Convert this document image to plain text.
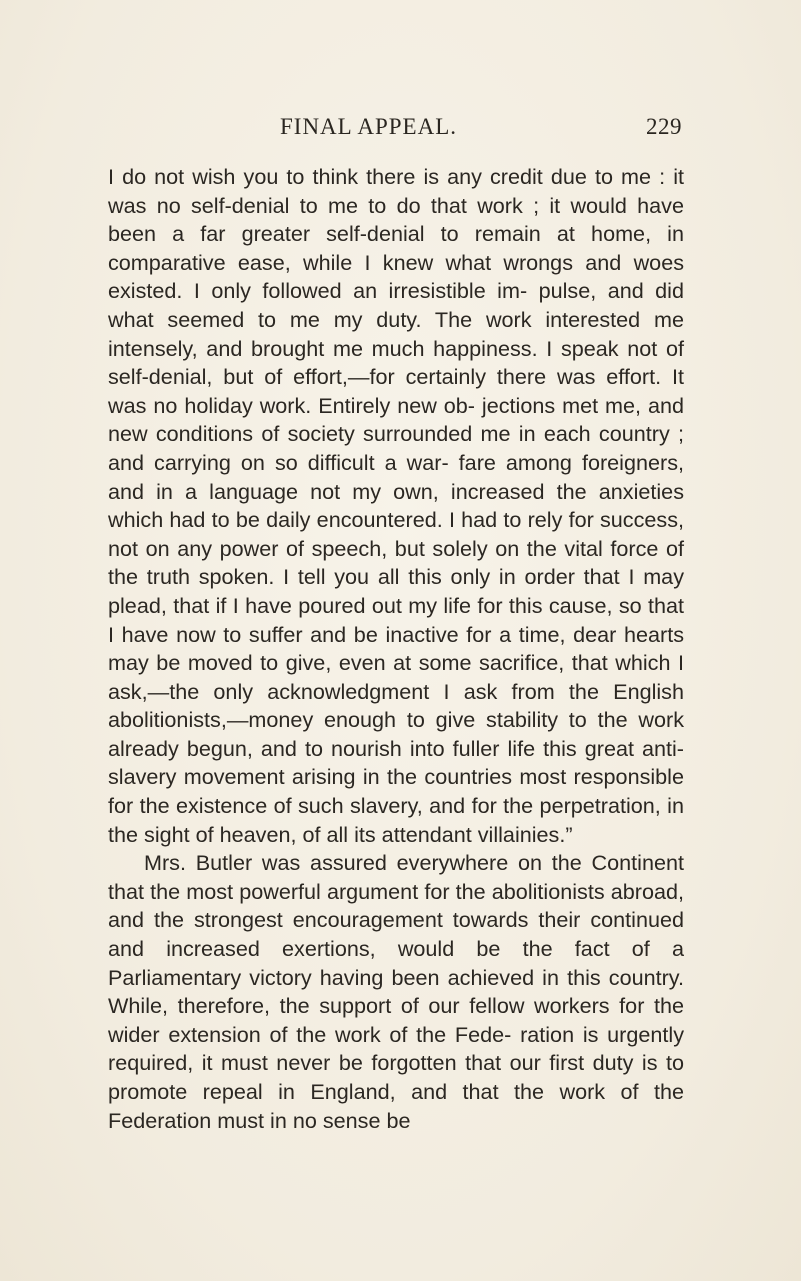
FINAL APPEAL.	229

I do not wish you to think there is any credit due to me : it was no self-denial to me to do that work ; it would have been a far greater self-denial to remain at home, in comparative ease, while I knew what wrongs and woes existed. I only followed an irresistible im- pulse, and did what seemed to me my duty. The work interested me intensely, and brought me much happiness. I speak not of self-denial, but of effort,—for certainly there was effort. It was no holiday work. Entirely new ob- jections met me, and new conditions of society surrounded me in each country ; and carrying on so difficult a war- fare among foreigners, and in a language not my own, increased the anxieties which had to be daily encountered. I had to rely for success, not on any power of speech, but solely on the vital force of the truth spoken. I tell you all this only in order that I may plead, that if I have poured out my life for this cause, so that I have now to suffer and be inactive for a time, dear hearts may be moved to give, even at some sacrifice, that which I ask,—the only acknowledgment I ask from the English abolitionists,—money enough to give stability to the work already begun, and to nourish into fuller life this great anti-slavery movement arising in the countries most responsible for the existence of such slavery, and for the perpetration, in the sight of heaven, of all its attendant villainies.”

Mrs. Butler was assured everywhere on the Continent that the most powerful argument for the abolitionists abroad, and the strongest encouragement towards their continued and increased exertions, would be the fact of a Parliamentary victory having been achieved in this country. While, therefore, the support of our fellow workers for the wider extension of the work of the Fede- ration is urgently required, it must never be forgotten that our first duty is to promote repeal in England, and that the work of the Federation must in no sense be
